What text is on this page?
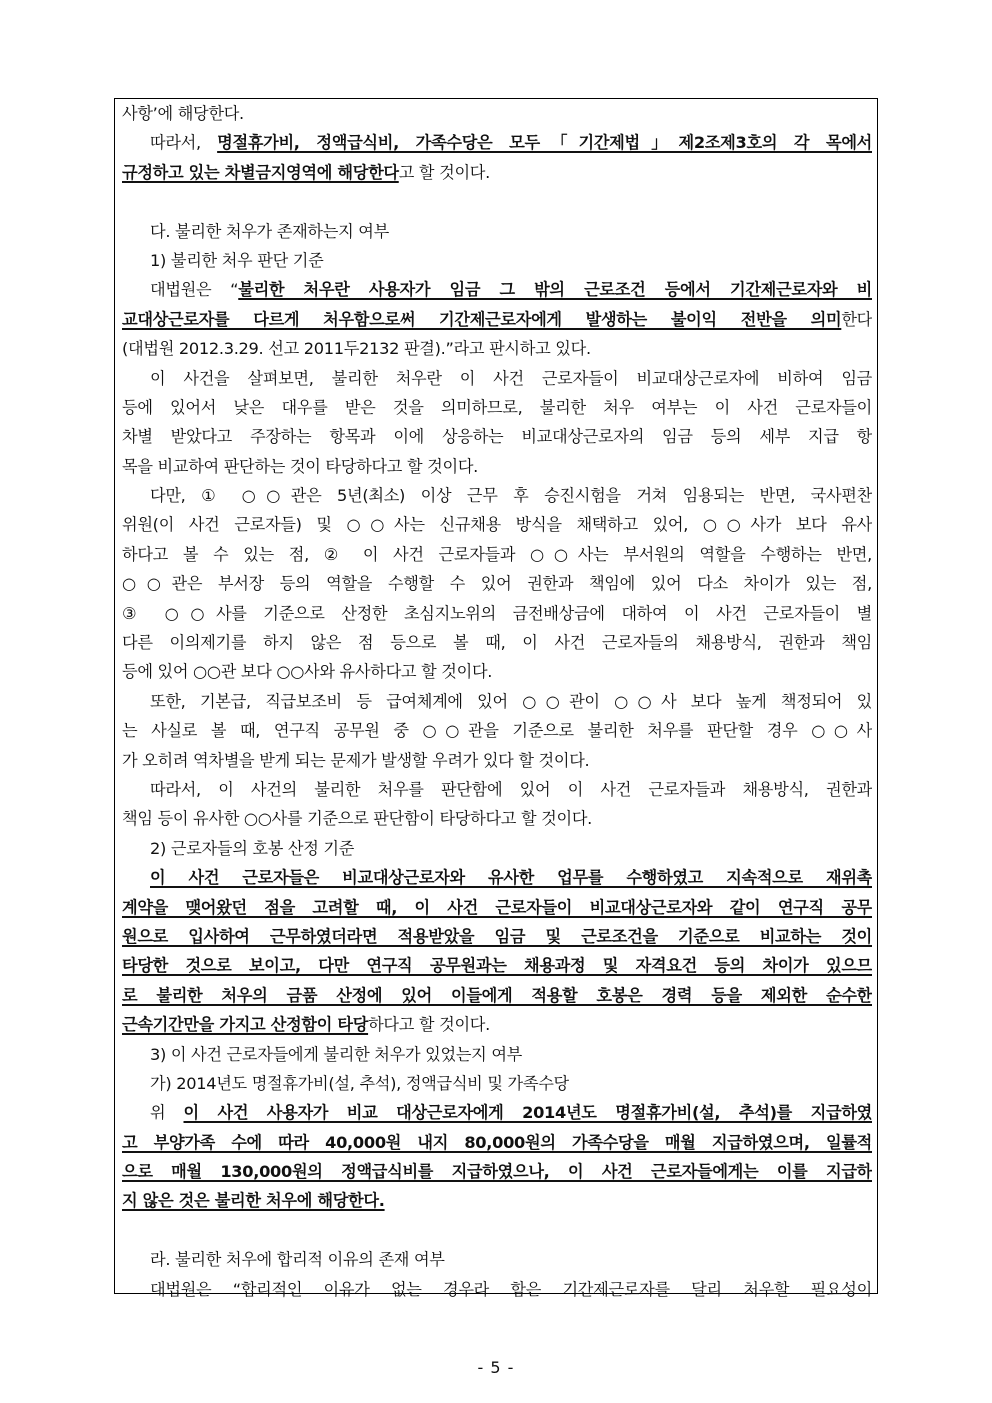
사항’에 해당한다.
따라서, 명절휴가비, 정액급식비, 가족수당은 모두「기간제법」제2조제3호의 각 목에서
규정하고 있는 차별금지영역에 해당한다고 할 것이다.

다. 불리한 처우가 존재하는지 여부
1) 불리한 처우 판단 기준
대법원은 “불리한 처우란 사용자가 임금 그 밖의 근로조건 등에서 기간제근로자와 비
교대상근로자를 다르게 처우함으로써 기간제근로자에게 발생하는 불이익 전반을 의미한다
(대법원 2012.3.29. 선고 2011두2132 판결).”라고 판시하고 있다.
이 사건을 살펴보면, 불리한 처우란 이 사건 근로자들이 비교대상근로자에 비하여 임금
등에 있어서 낮은 대우를 받은 것을 의미하므로, 불리한 처우 여부는 이 사건 근로자들이
차별 받았다고 주장하는 항목과 이에 상응하는 비교대상근로자의 임금 등의 세부 지급 항
목을 비교하여 판단하는 것이 타당하다고 할 것이다.
다만, ① ○○관은 5년(최소) 이상 근무 후 승진시험을 거쳐 임용되는 반면, 국사편찬
위원(이 사건 근로자들) 및 ○○사는 신규채용 방식을 채택하고 있어, ○○사가 보다 유사
하다고 볼 수 있는 점, ② 이 사건 근로자들과 ○○사는 부서원의 역할을 수행하는 반면,
○○관은 부서장 등의 역할을 수행할 수 있어 권한과 책임에 있어 다소 차이가 있는 점,
③ ○○사를 기준으로 산정한 초심지노위의 금전배상금에 대하여 이 사건 근로자들이 별
다른 이의제기를 하지 않은 점 등으로 볼 때, 이 사건 근로자들의 채용방식, 권한과 책임
등에 있어 ○○관 보다 ○○사와 유사하다고 할 것이다.
또한, 기본급, 직급보조비 등 급여체계에 있어 ○○관이 ○○사 보다 높게 책정되어 있
는 사실로 볼 때, 연구직 공무원 중 ○○관을 기준으로 불리한 처우를 판단할 경우 ○○사
가 오히려 역차별을 받게 되는 문제가 발생할 우려가 있다 할 것이다.
따라서, 이 사건의 불리한 처우를 판단함에 있어 이 사건 근로자들과 채용방식, 권한과
책임 등이 유사한 ○○사를 기준으로 판단함이 타당하다고 할 것이다.
2) 근로자들의 호봉 산정 기준
이 사건 근로자들은 비교대상근로자와 유사한 업무를 수행하였고 지속적으로 재위촉
계약을 맺어왔던 점을 고려할 때, 이 사건 근로자들이 비교대상근로자와 같이 연구직 공무
원으로 입사하여 근무하였더라면 적용받았을 임금 및 근로조건을 기준으로 비교하는 것이
타당한 것으로 보이고, 다만 연구직 공무원과는 채용과정 및 자격요건 등의 차이가 있으므
로 불리한 처우의 금품 산정에 있어 이들에게 적용할 호봉은 경력 등을 제외한 순수한
근속기간만을 가지고 산정함이 타당하다고 할 것이다.
3) 이 사건 근로자들에게 불리한 처우가 있었는지 여부
가) 2014년도 명절휴가비(설, 추석), 정액급식비 및 가족수당
위 이 사건 사용자가 비교 대상근로자에게 2014년도 명절휴가비(설, 추석)를 지급하였
고 부양가족 수에 따라 40,000원 내지 80,000원의 가족수당을 매월 지급하였으며, 일률적
으로 매월 130,000원의 정액급식비를 지급하였으나, 이 사건 근로자들에게는 이를 지급하
지 않은 것은 불리한 처우에 해당한다.

라. 불리한 처우에 합리적 이유의 존재 여부
대법원은 “합리적인 이유가 없는 경우라 함은 기간제근로자를 달리 처우할 필요성이
- 5 -
